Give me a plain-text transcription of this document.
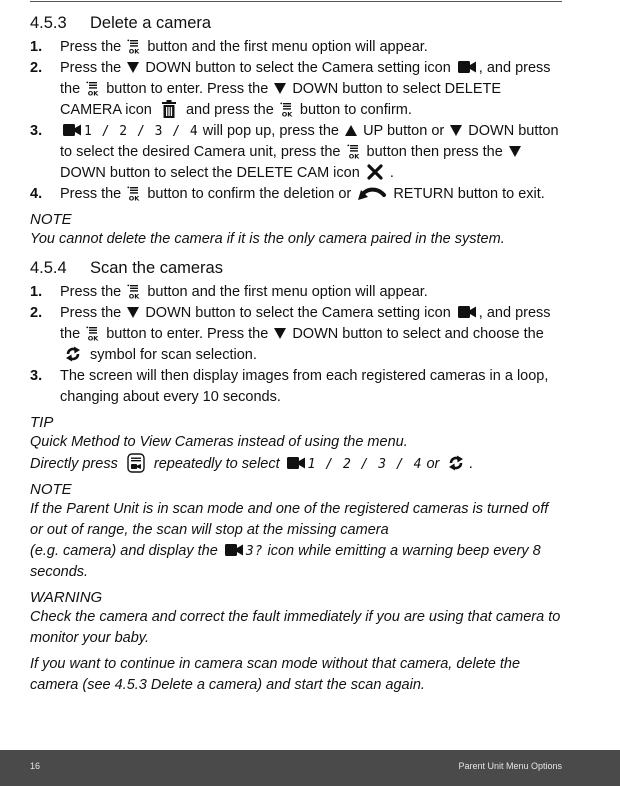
4.5.3 Delete a camera
1. Press the button and the first menu option will appear.
2. Press the DOWN button to select the Camera setting icon , and press the button to enter. Press the DOWN button to select DELETE CAMERA icon and press the button to confirm.
3.	1 / 2 / 3 / 4 will pop up, press the UP button or DOWN button to select the desired Camera unit, press the button then press the  DOWN button to select the DELETE CAM icon .
4. Press the button to confirm the deletion or	RETURN button to exit.
NOTE
You cannot delete the camera if it is the only camera paired in the system.
4.5.4 Scan the cameras
1. Press the button and the first menu option will appear.
2. Press the DOWN button to select the Camera setting icon , and press the button to enter. Press the DOWN button to select and choose the  symbol for scan selection.
3. The screen will then display images from each registered cameras in a loop, changing about every 10 seconds.
TIP
Quick Method to View Cameras instead of using the menu.
Directly press repeatedly to select 1 / 2 / 3 / 4 or .
NOTE
If the Parent Unit is in scan mode and one of the registered cameras is turned off or out of range, the scan will stop at the missing camera
(e.g. camera) and display the 3? icon while emitting a warning beep every 8 seconds.
WARNING
Check the camera and correct the fault immediately if you are using that camera to monitor your baby.
If you want to continue in camera scan mode without that camera, delete the camera (see 4.5.3 Delete a camera) and start the scan again.
16	Parent Unit Menu Options
